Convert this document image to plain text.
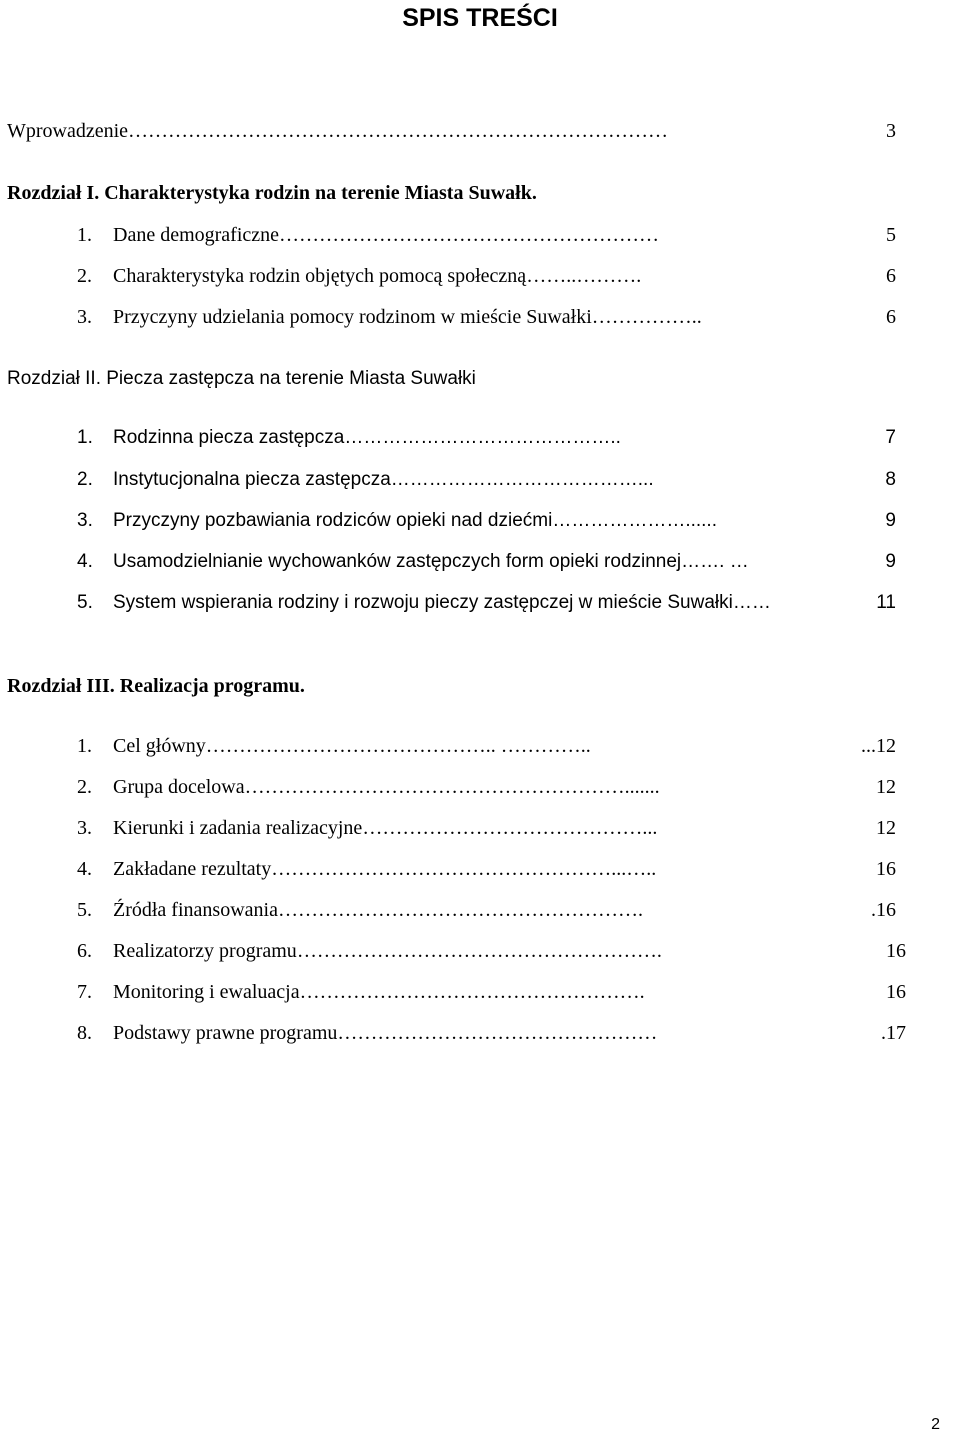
SPIS TREŚCI
Wprowadzenie………………………………………………………………………	3
Rozdział I. Charakterystyka rodzin na terenie Miasta Suwałk.
1. Dane demograficzne…………………………………………………	5
2. Charakterystyka rodzin objętych pomocą społeczną……..……….	6
3. Przyczyny udzielania pomocy rodzinom w mieście Suwałki……………..	6
Rozdział II. Piecza zastępcza na terenie Miasta Suwałki
1. Rodzinna piecza zastępcza……………………………………..	7
2. Instytucjonalna piecza zastępcza…………………………………...	8
3. Przyczyny pozbawiania rodziców opieki nad dziećmi…………………......	9
4. Usamodzielnianie wychowanków zastępczych form opieki rodzinnej……. …	9
5. System wspierania rodziny i rozwoju pieczy zastępczej w mieście Suwałki……	11
Rozdział III. Realizacja programu.
1. Cel główny…………………………………….. …………..	...12
2. Grupa docelowa………………………………………………….......	12
3. Kierunki i zadania realizacyjne……………………………………...	12
4. Zakładane rezultaty……………………………………………...…..	16
5. Źródła finansowania……………………………………………….	.16
6. Realizatorzy programu……………………………………………….	16
7. Monitoring i ewaluacja…………………………………………….	16
8. Podstawy prawne programu…………………………………………	.17
2
